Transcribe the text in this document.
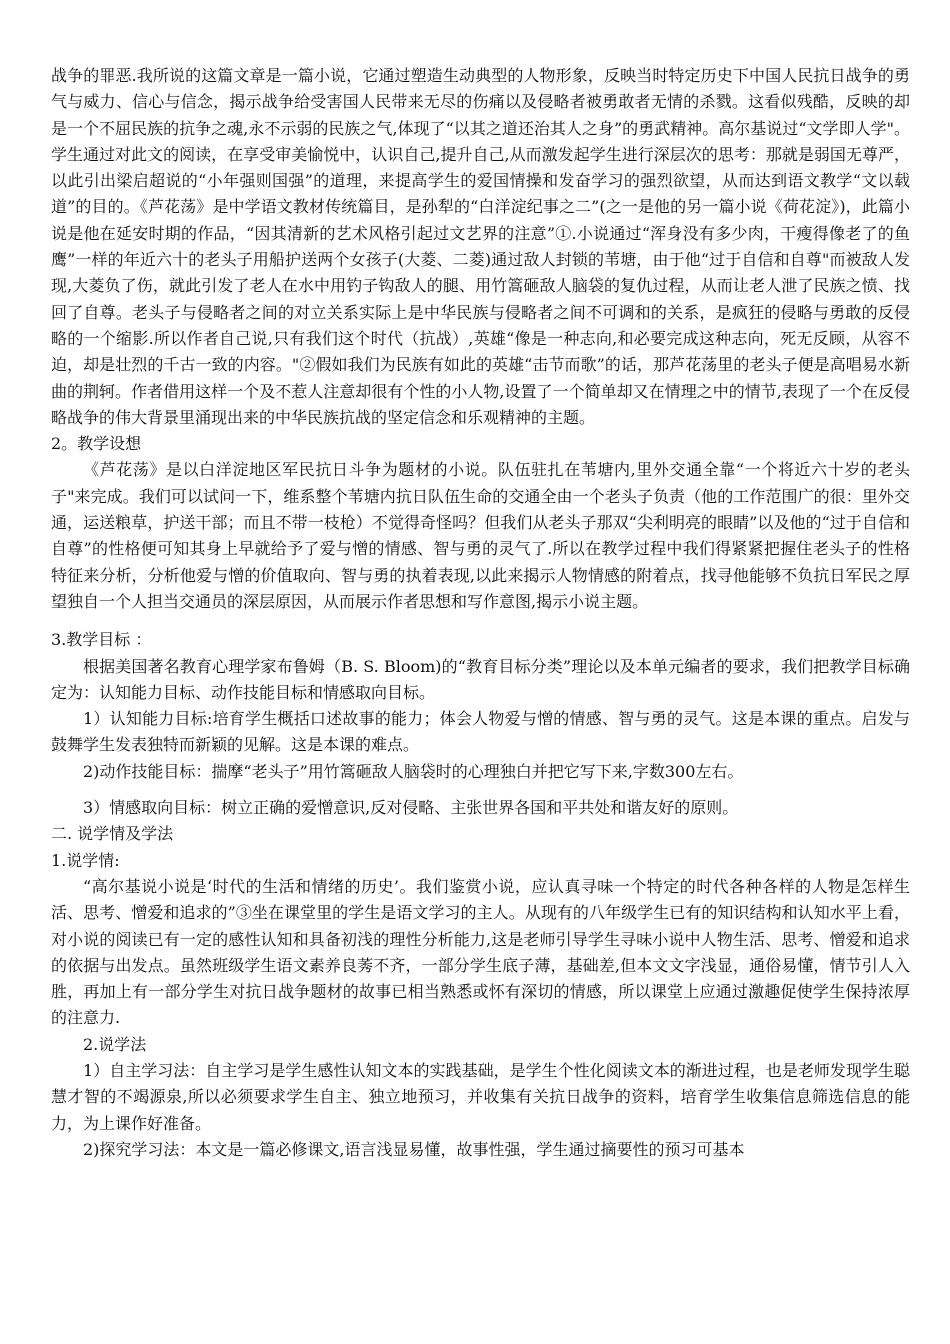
战争的罪恶.我所说的这篇文章是一篇小说，它通过塑造生动典型的人物形象，反映当时特定历史下中国人民抗日战争的勇气与威力、信心与信念，揭示战争给受害国人民带来无尽的伤痛以及侵略者被勇敢者无情的杀戮。这看似残酷，反映的却是一个不屈民族的抗争之魂,永不示弱的民族之气,体现了“以其之道还治其人之身”的勇武精神。高尔基说过“文学即人学"。学生通过对此文的阅读，在享受审美愉悦中，认识自己,提升自己,从而激发起学生进行深层次的思考：那就是弱国无尊严，以此引出梁启超说的“小年强则国强”的道理，来提高学生的爱国情操和发奋学习的强烈欲望，从而达到语文教学“文以载道”的目的。《芦花荡》是中学语文教材传统篇目，是孙犁的“白洋淀纪事之二”(之一是他的另一篇小说《荷花淀》)，此篇小说是他在延安时期的作品，“因其清新的艺术风格引起过文艺界的注意”①.小说通过“浑身没有多少肉，干瘦得像老了的鱼鹰”一样的年近六十的老头子用船护送两个女孩子(大菱、二菱)通过敌人封锁的苇塘，由于他“过于自信和自尊"而被敌人发现,大菱负了伤，就此引发了老人在水中用钓子钩敌人的腿、用竹篙砸敌人脑袋的复仇过程，从而让老人泄了民族之愤、找回了自尊。老头子与侵略者之间的对立关系实际上是中华民族与侵略者之间不可调和的关系，是疯狂的侵略与勇敢的反侵略的一个缩影.所以作者自己说,只有我们这个时代（抗战）,英雄“像是一种志向,和必要完成这种志向，死无反顾，从容不迫，却是壮烈的千古一致的内容。"②假如我们为民族有如此的英雄“击节而歌”的话，那芦花荡里的老头子便是高唱易水新曲的荆轲。作者借用这样一个及不惹人注意却很有个性的小人物,设置了一个简单却又在情理之中的情节,表现了一个在反侵略战争的伟大背景里涌现出来的中华民族抗战的坚定信念和乐观精神的主题。

2。教学设想

《芦花荡》是以白洋淀地区军民抗日斗争为题材的小说。队伍驻扎在苇塘内,里外交通全靠“一个将近六十岁的老头子"来完成。我们可以试问一下，维系整个苇塘内抗日队伍生命的交通全由一个老头子负责（他的工作范围广的很：里外交通，运送粮草，护送干部；而且不带一枝枪）不觉得奇怪吗？但我们从老头子那双“尖利明亮的眼睛”以及他的“过于自信和自尊”的性格便可知其身上早就给予了爱与憎的情感、智与勇的灵气了.所以在教学过程中我们得紧紧把握住老头子的性格特征来分析，分析他爱与憎的价值取向、智与勇的执着表现,以此来揭示人物情感的附着点，找寻他能够不负抗日军民之厚望独自一个人担当交通员的深层原因，从而展示作者思想和写作意图,揭示小说主题。

3.教学目标 ：

根据美国著名教育心理学家布鲁姆（B. S. Bloom)的“教育目标分类”理论以及本单元编者的要求，我们把教学目标确定为：认知能力目标、动作技能目标和情感取向目标。

1）认知能力目标:培育学生概括口述故事的能力；体会人物爱与憎的情感、智与勇的灵气。这是本课的重点。启发与鼓舞学生发表独特而新颖的见解。这是本课的难点。

2)动作技能目标：揣摩“老头子”用竹篙砸敌人脑袋时的心理独白并把它写下来,字数300左右。

3）情感取向目标：树立正确的爱憎意识,反对侵略、主张世界各国和平共处和谐友好的原则。

二. 说学情及学法

1.说学情:

“高尔基说小说是‘时代的生活和情绪的历史’。我们鉴赏小说，应认真寻味一个特定的时代各种各样的人物是怎样生活、思考、憎爱和追求的”③坐在课堂里的学生是语文学习的主人。从现有的八年级学生已有的知识结构和认知水平上看，对小说的阅读已有一定的感性认知和具备初浅的理性分析能力,这是老师引导学生寻味小说中人物生活、思考、憎爱和追求的依据与出发点。虽然班级学生语文素养良莠不齐，一部分学生底子薄，基础差,但本文文字浅显，通俗易懂，情节引人入胜，再加上有一部分学生对抗日战争题材的故事已相当熟悉或怀有深切的情感，所以课堂上应通过激趣促使学生保持浓厚的注意力.

2.说学法

1）自主学习法：自主学习是学生感性认知文本的实践基础，是学生个性化阅读文本的渐进过程，也是老师发现学生聪慧才智的不竭源泉,所以必须要求学生自主、独立地预习，并收集有关抗日战争的资料，培育学生收集信息筛选信息的能力，为上课作好准备。

2)探究学习法：本文是一篇必修课文,语言浅显易懂，故事性强，学生通过摘要性的预习可基本
